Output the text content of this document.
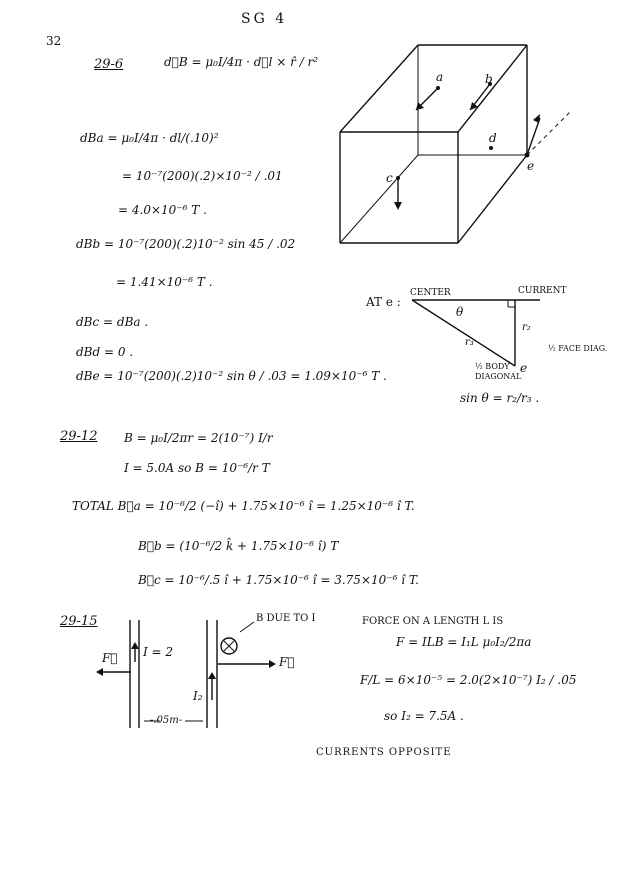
SG 4
32
29-6	d⃗B = μ₀I/4π · d⃗l × r̂ / r²
dBa = μ₀I/4π · dl/(.10)²
= 10⁻⁷(200)(.2)×10⁻² / .01
= 4.0×10⁻⁶ T .
dBb = 10⁻⁷(200)(.2)10⁻² sin 45 / .02
= 1.41×10⁻⁶ T .
dBc = dBa .
dBd = 0 .
dBe = 10⁻⁷(200)(.2)10⁻² sin θ / .03 = 1.09×10⁻⁶ T .
a	b
c
d
e
AT e :
CENTER	CURRENT
θ
r₂
r₃
½ FACE DIAG.
½ BODY DIAGONAL
e
sin θ = r₂/r₃ .
29-12 B = μ₀I/2πr = 2(10⁻⁷) I/r
I = 5.0A so B = 10⁻⁶/r T
TOTAL B⃗a = 10⁻⁶/2 (−î) + 1.75×10⁻⁶ î = 1.25×10⁻⁶ î T.
B⃗b = (10⁻⁶/2 k̂ + 1.75×10⁻⁶ î) T
B⃗c = 10⁻⁶/.5 î + 1.75×10⁻⁶ î = 3.75×10⁻⁶ î T.
29-15
I = 2
I₂
F⃗	F⃗
B DUE TO I
-.05m-
FORCE ON A LENGTH L IS
F = ILB = I₁L μ₀I₂/2πa
F/L = 6×10⁻⁵ = 2.0(2×10⁻⁷) I₂ / .05
so I₂ = 7.5A .
CURRENTS OPPOSITE
